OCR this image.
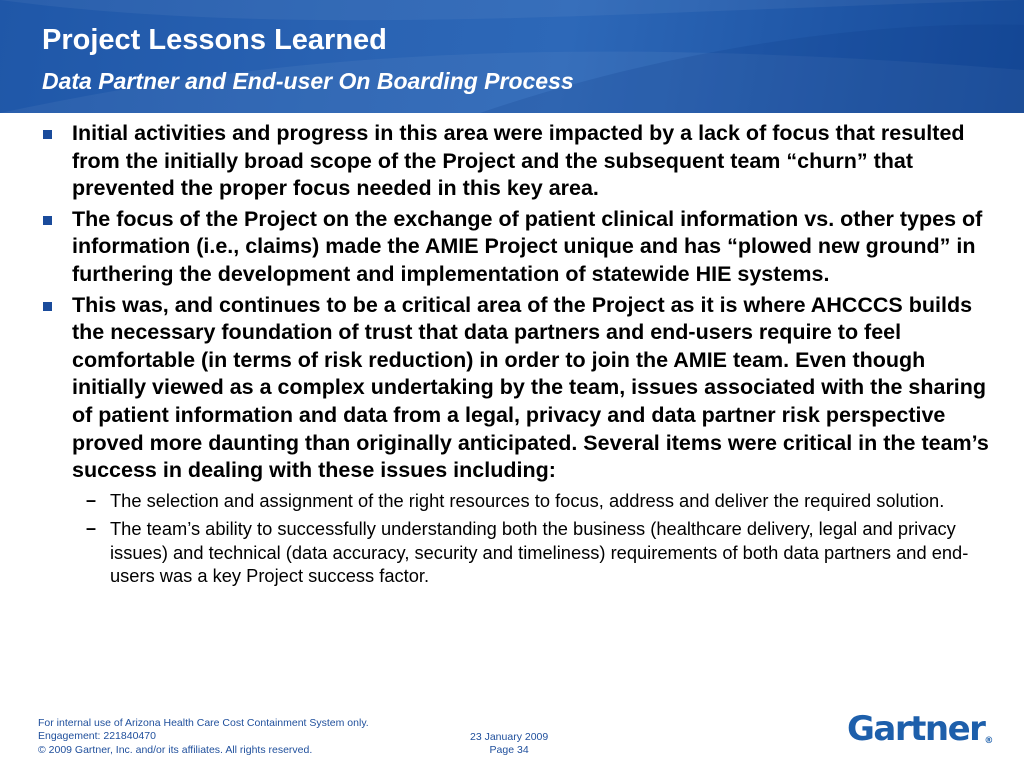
Project Lessons Learned
Data Partner and End-user On Boarding Process
Initial activities and progress in this area were impacted by a lack of focus that resulted from the initially broad scope of the Project and the subsequent team “churn” that prevented the proper focus needed in this key area.
The focus of the Project on the exchange of patient clinical information vs. other types of information (i.e., claims) made the AMIE Project unique and has “plowed new ground” in furthering the development and implementation of statewide HIE systems.
This was, and continues to be a critical area of the Project as it is where AHCCCS builds the necessary foundation of trust that data partners and end-users require to feel comfortable (in terms of risk reduction) in order to join the AMIE team. Even though initially viewed as a complex undertaking by the team, issues associated with the sharing of patient information and data from a legal, privacy and data partner risk perspective proved more daunting than originally anticipated. Several items were critical in the team’s success in dealing with these issues including:
– The selection and assignment of the right resources to focus, address and deliver the required solution.
– The team’s ability to successfully understanding both the business (healthcare delivery, legal and privacy issues) and technical (data accuracy, security and timeliness) requirements of both data partners and end-users was a key Project success factor.
For internal use of Arizona Health Care Cost Containment System only.
Engagement: 221840470
© 2009 Gartner, Inc. and/or its affiliates. All rights reserved.
23 January 2009
Page 34
Gartner®
